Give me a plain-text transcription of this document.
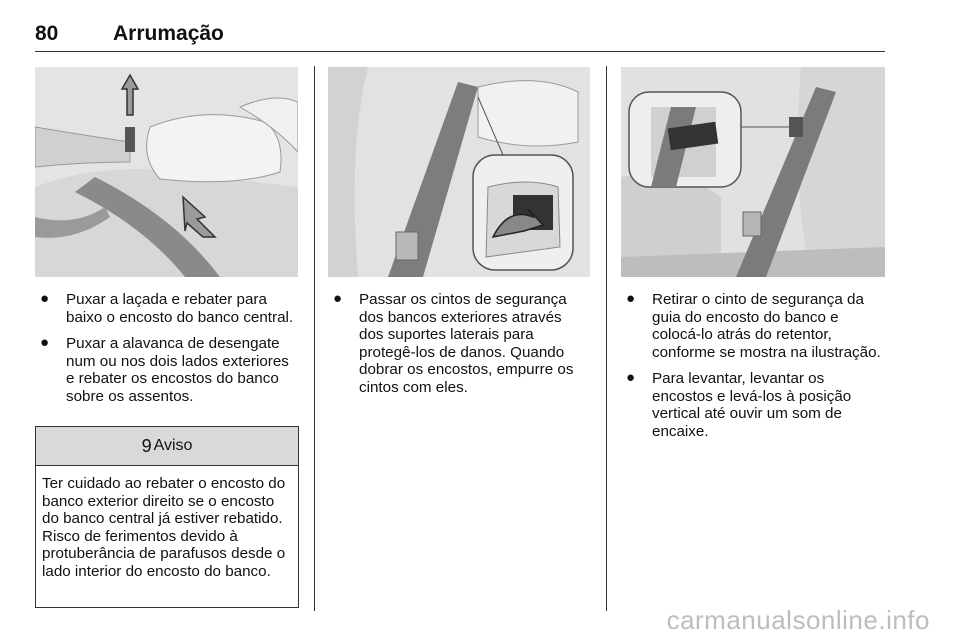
80	Arrumação
● Puxar a laçada e rebater para baixo o encosto do banco central.
● Puxar a alavanca de desengate num ou nos dois lados exteriores e rebater os encostos do banco sobre os assentos.
9 Aviso
Ter cuidado ao rebater o encosto do banco exterior direito se o encosto do banco central já estiver rebatido. Risco de ferimentos devido à protuberância de parafusos desde o lado interior do encosto do banco.
● Passar os cintos de segurança dos bancos exteriores através dos suportes laterais para protegê-los de danos. Quando dobrar os encostos, empurre os cintos com eles.
● Retirar o cinto de segurança da guia do encosto do banco e colocá-lo atrás do retentor, conforme se mostra na ilustração.
● Para levantar, levantar os encostos e levá-los à posição vertical até ouvir um som de encaixe.
carmanualsonline.info
